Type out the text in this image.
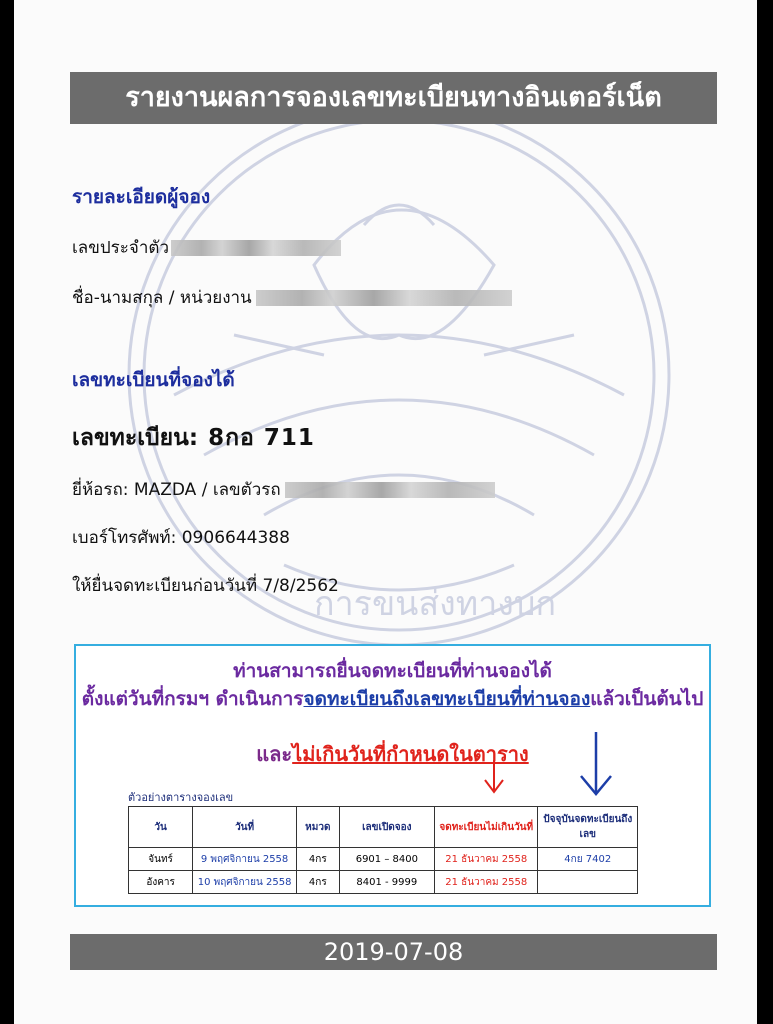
การขนส่งทางบก
รายงานผลการจองเลขทะเบียนทางอินเตอร์เน็ต
รายละเอียดผู้จอง
เลขประจำตัว
ชื่อ-นามสกุล / หน่วยงาน
เลขทะเบียนที่จองได้
เลขทะเบียน: 8กอ 711
ยี่ห้อรถ: MAZDA / เลขตัวรถ
เบอร์โทรศัพท์: 0906644388
ให้ยื่นจดทะเบียนก่อนวันที่ 7/8/2562
ท่านสามารถยื่นจดทะเบียนที่ท่านจองได้
ตั้งแต่วันที่กรมฯ ดำเนินการจดทะเบียนถึงเลขทะเบียนที่ท่านจองแล้วเป็นต้นไป
และไม่เกินวันที่กำหนดในตาราง
ตัวอย่างตารางจองเลข
วัน	วันที่	หมวด	เลขเปิดจอง	จดทะเบียนไม่เกินวันที่	ปัจจุบันจดทะเบียนถึงเลข
จันทร์	9 พฤศจิกายน 2558	4กร	6901 – 8400	21 ธันวาคม 2558	4กย 7402
อังคาร	10 พฤศจิกายน 2558	4กร	8401 - 9999	21 ธันวาคม 2558	
2019-07-08
